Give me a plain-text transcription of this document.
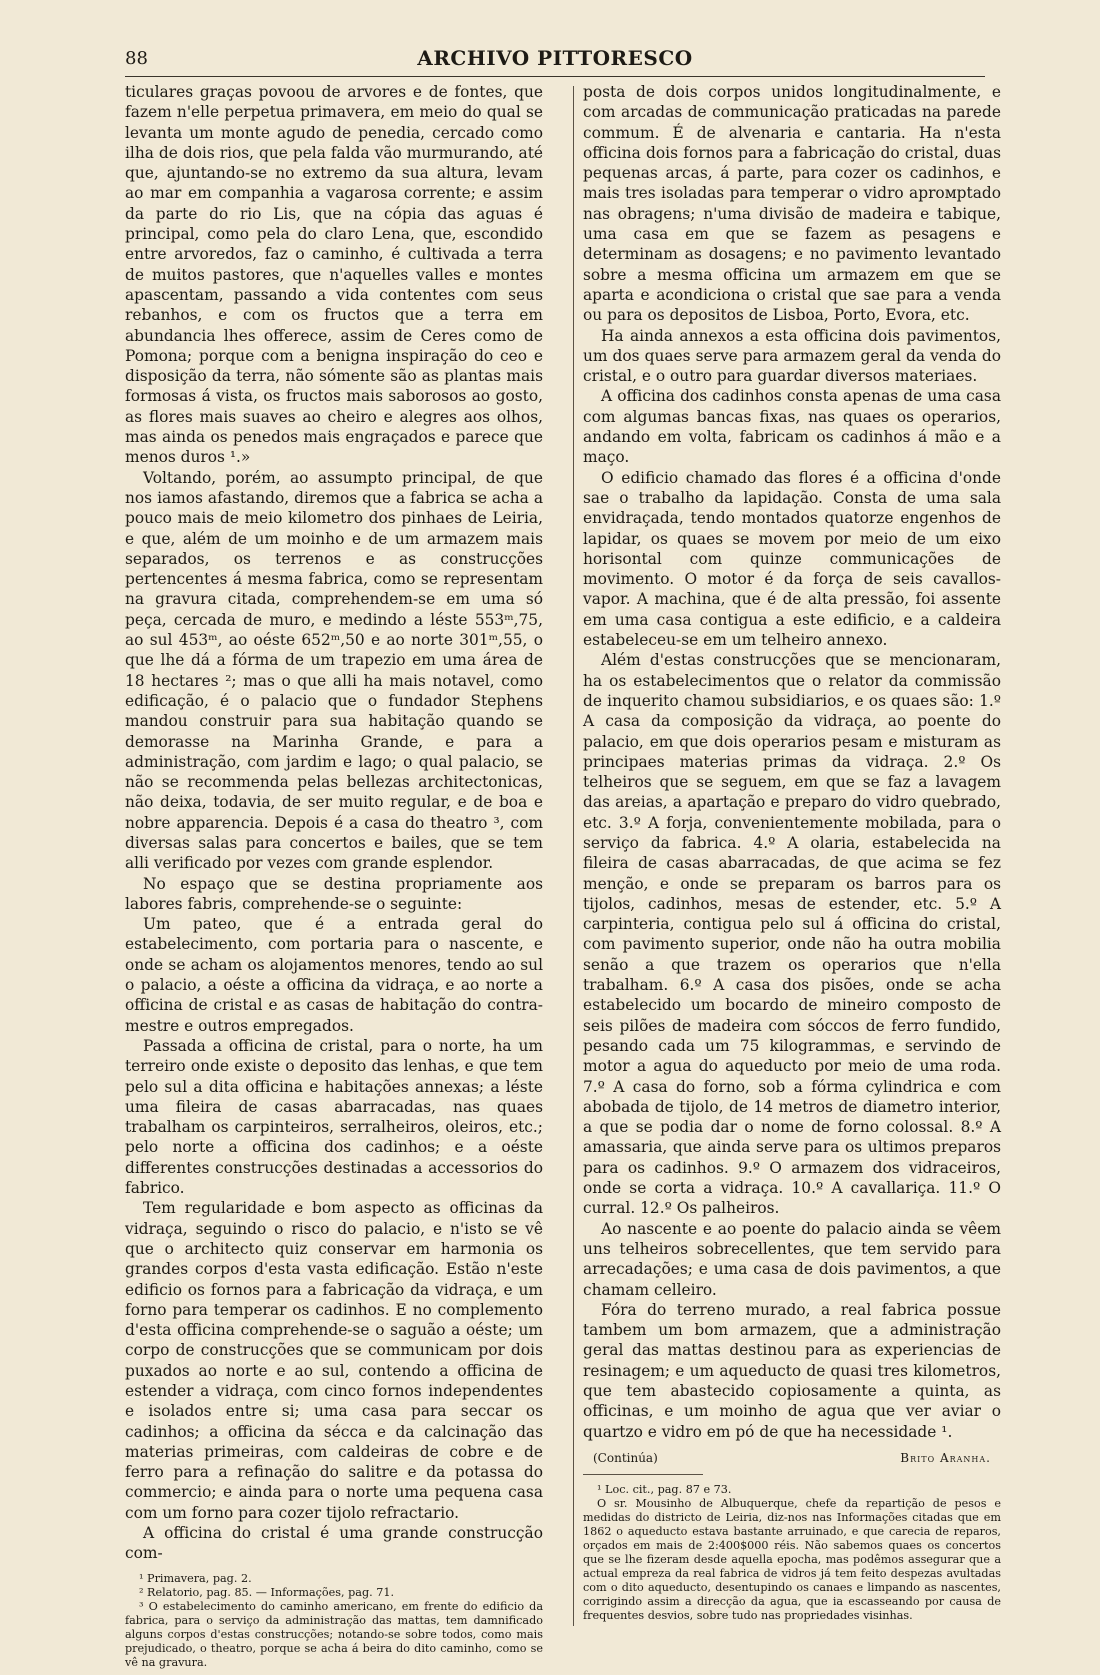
88	ARCHIVO PITTORESCO

ticulares graças povoou de arvores e de fontes, que fazem n'elle perpetua primavera, em meio do qual se levanta um monte agudo de penedia, cercado como ilha de dois rios, que pela falda vão murmurando, até que, ajuntando-se no extremo da sua altura, levam ao mar em companhia a vagarosa corrente; e assim da parte do rio Lis, que na cópia das aguas é principal, como pela do claro Lena, que, escondido entre arvoredos, faz o caminho, é cultivada a terra de muitos pastores, que n'aquelles valles e montes apascentam, passando a vida contentes com seus rebanhos, e com os fructos que a terra em abundancia lhes offerece, assim de Ceres como de Pomona; porque com a benigna inspiração do ceo e disposição da terra, não sómente são as plantas mais formosas á vista, os fructos mais saborosos ao gosto, as flores mais suaves ao cheiro e alegres aos olhos, mas ainda os penedos mais engraçados e parece que menos duros ¹.»

Voltando, porém, ao assumpto principal, de que nos iamos afastando, diremos que a fabrica se acha a pouco mais de meio kilometro dos pinhaes de Leiria, e que, além de um moinho e de um armazem mais separados, os terrenos e as construcções pertencentes á mesma fabrica, como se representam na gravura citada, comprehendem-se em uma só peça, cercada de muro, e medindo a léste 553ᵐ,75, ao sul 453ᵐ, ao oéste 652ᵐ,50 e ao norte 301ᵐ,55, o que lhe dá a fórma de um trapezio em uma área de 18 hectares ²; mas o que alli ha mais notavel, como edificação, é o palacio que o fundador Stephens mandou construir para sua habitação quando se demorasse na Marinha Grande, e para a administração, com jardim e lago; o qual palacio, se não se recommenda pelas bellezas architectonicas, não deixa, todavia, de ser muito regular, e de boa e nobre apparencia. Depois é a casa do theatro ³, com diversas salas para concertos e bailes, que se tem alli verificado por vezes com grande esplendor.

No espaço que se destina propriamente aos labores fabris, comprehende-se o seguinte:

Um pateo, que é a entrada geral do estabelecimento, com portaria para o nascente, e onde se acham os alojamentos menores, tendo ao sul o palacio, a oéste a officina da vidraça, e ao norte a officina de cristal e as casas de habitação do contra-mestre e outros empregados.

Passada a officina de cristal, para o norte, ha um terreiro onde existe o deposito das lenhas, e que tem pelo sul a dita officina e habitações annexas; a léste uma fileira de casas abarracadas, nas quaes trabalham os carpinteiros, serralheiros, oleiros, etc.; pelo norte a officina dos cadinhos; e a oéste differentes construcções destinadas a accessorios do fabrico.

Tem regularidade e bom aspecto as officinas da vidraça, seguindo o risco do palacio, e n'isto se vê que o architecto quiz conservar em harmonia os grandes corpos d'esta vasta edificação. Estão n'este edificio os fornos para a fabricação da vidraça, e um forno para temperar os cadinhos. E no complemento d'esta officina comprehende-se o saguão a oéste; um corpo de construcções que se communicam por dois puxados ao norte e ao sul, contendo a officina de estender a vidraça, com cinco fornos independentes e isolados entre si; uma casa para seccar os cadinhos; a officina da sécca e da calcinação das materias primeiras, com caldeiras de cobre e de ferro para a refinação do salitre e da potassa do commercio; e ainda para o norte uma pequena casa com um forno para cozer tijolo refractario.

A officina do cristal é uma grande construcção com-

¹ Primavera, pag. 2.

² Relatorio, pag. 85. — Informações, pag. 71.

³ O estabelecimento do caminho americano, em frente do edificio da fabrica, para o serviço da administração das mattas, tem damnificado alguns corpos d'estas construcções; notando-se sobre todos, como mais prejudicado, o theatro, porque se acha á beira do dito caminho, como se vê na gravura.

posta de dois corpos unidos longitudinalmente, e com arcadas de communicação praticadas na parede commum. É de alvenaria e cantaria. Ha n'esta officina dois fornos para a fabricação do cristal, duas pequenas arcas, á parte, para cozer os cadinhos, e mais tres isoladas para temperar o vidro aprомptado nas obragens; n'uma divisão de madeira e tabique, uma casa em que se fazem as pesagens e determinam as dosagens; e no pavimento levantado sobre a mesma officina um armazem em que se aparta e acondiciona o cristal que sae para a venda ou para os depositos de Lisboa, Porto, Evora, etc.

Ha ainda annexos a esta officina dois pavimentos, um dos quaes serve para armazem geral da venda do cristal, e o outro para guardar diversos materiaes.

A officina dos cadinhos consta apenas de uma casa com algumas bancas fixas, nas quaes os operarios, andando em volta, fabricam os cadinhos á mão e a maço.

O edificio chamado das flores é a officina d'onde sae o trabalho da lapidação. Consta de uma sala envidraçada, tendo montados quatorze engenhos de lapidar, os quaes se movem por meio de um eixo horisontal com quinze communicações de movimento. O motor é da força de seis cavallos-vapor. A machina, que é de alta pressão, foi assente em uma casa contigua a este edificio, e a caldeira estabeleceu-se em um telheiro annexo.

Além d'estas construcções que se mencionaram, ha os estabelecimentos que o relator da commissão de inquerito chamou subsidiarios, e os quaes são: 1.º A casa da composição da vidraça, ao poente do palacio, em que dois operarios pesam e misturam as principaes materias primas da vidraça. 2.º Os telheiros que se seguem, em que se faz a lavagem das areias, a apartação e preparo do vidro quebrado, etc. 3.º A forja, convenientemente mobilada, para o serviço da fabrica. 4.º A olaria, estabelecida na fileira de casas abarracadas, de que acima se fez menção, e onde se preparam os barros para os tijolos, cadinhos, mesas de estender, etc. 5.º A carpinteria, contigua pelo sul á officina do cristal, com pavimento superior, onde não ha outra mobilia senão a que trazem os operarios que n'ella trabalham. 6.º A casa dos pisões, onde se acha estabelecido um bocardo de mineiro composto de seis pilões de madeira com sóccos de ferro fundido, pesando cada um 75 kilogrammas, e servindo de motor a agua do aqueducto por meio de uma roda. 7.º A casa do forno, sob a fórma cylindrica e com abobada de tijolo, de 14 metros de diametro interior, a que se podia dar o nome de forno colossal. 8.º A amassaria, que ainda serve para os ultimos preparos para os cadinhos. 9.º O armazem dos vidraceiros, onde se corta a vidraça. 10.º A cavallariça. 11.º O curral. 12.º Os palheiros.

Ao nascente e ao poente do palacio ainda se vêem uns telheiros sobrecellentes, que tem servido para arrecadações; e uma casa de dois pavimentos, a que chamam celleiro.

Fóra do terreno murado, a real fabrica possue tambem um bom armazem, que a administração geral das mattas destinou para as experiencias de resinagem; e um aqueducto de quasi tres kilometros, que tem abastecido copiosamente a quinta, as officinas, e um moinho de agua que ver aviar o quartzo e vidro em pó de que ha necessidade ¹.

(Continúa)	Brito Aranha.

¹ Loc. cit., pag. 87 e 73.

O sr. Mousinho de Albuquerque, chefe da repartição de pesos e medidas do districto de Leiria, diz-nos nas Informações citadas que em 1862 o aqueducto estava bastante arruinado, e que carecia de reparos, orçados em mais de 2:400$000 réis. Não sabemos quaes os concertos que se lhe fizeram desde aquella epocha, mas podêmos assegurar que a actual empreza da real fabrica de vidros já tem feito despezas avultadas com o dito aqueducto, desentupindo os canaes e limpando as nascentes, corrigindo assim a direcção da agua, que ia escasseando por causa de frequentes desvios, sobre tudo nas propriedades visinhas.
